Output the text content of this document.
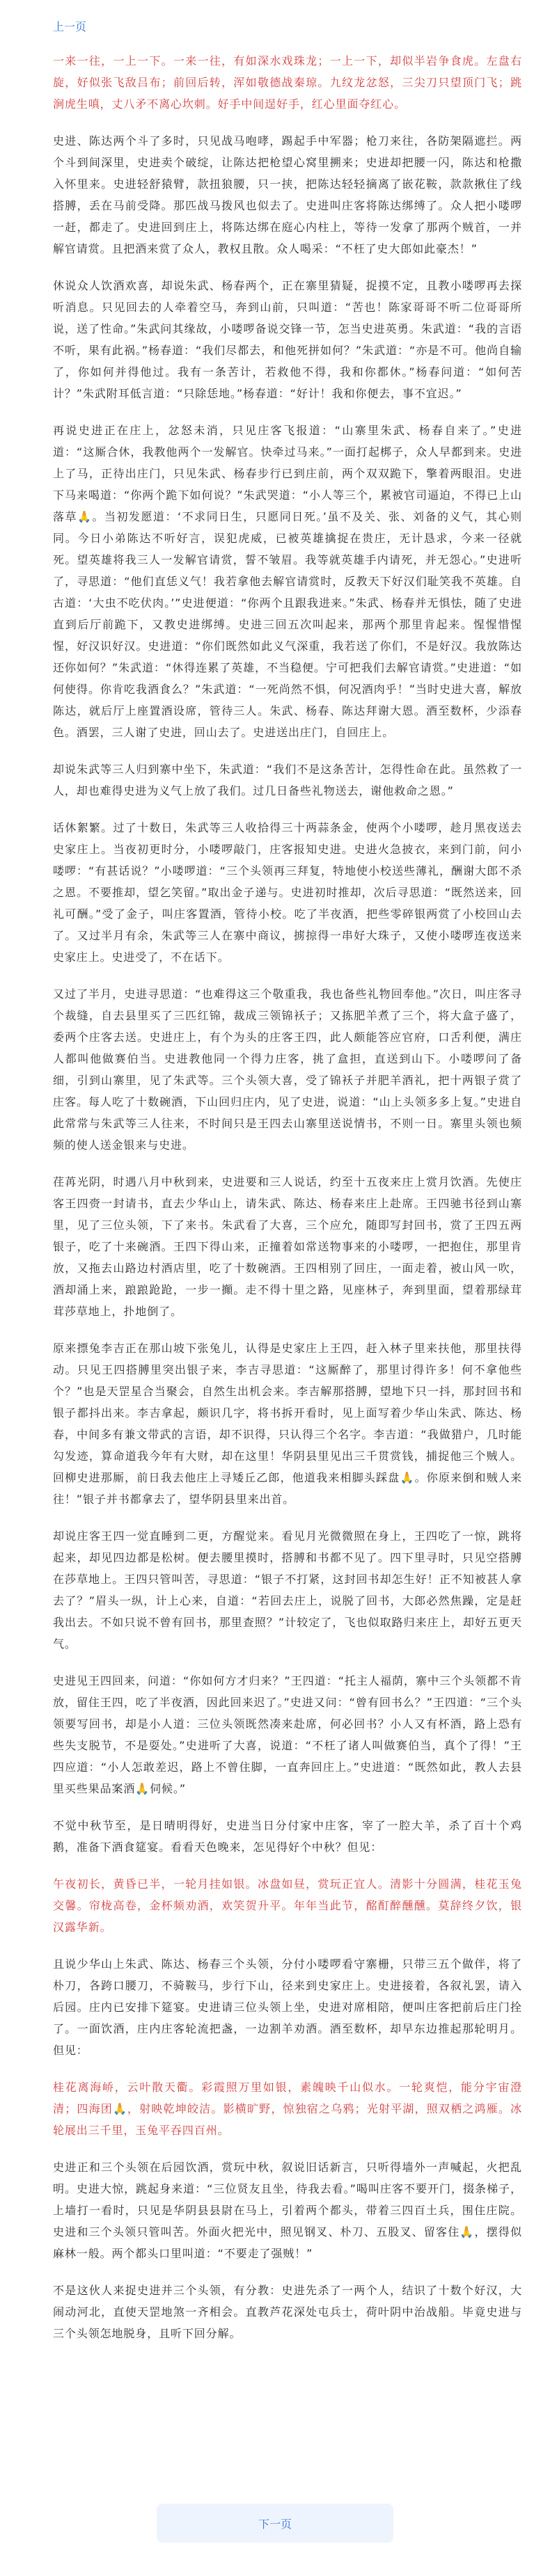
上一页

一来一往，一上一下。一来一往，有如深水戏珠龙；一上一下，却似半岩争食虎。左盘右旋，好似张飞敌吕布；前回后转，浑如敬德战秦琼。九纹龙忿怒，三尖刀只望顶门飞；跳涧虎生嗔，丈八矛不离心坎刺。好手中间逞好手，红心里面夺红心。

史进、陈达两个斗了多时，只见战马咆哮，踢起手中军器；枪刀来往，各防架隔遮拦。两个斗到间深里，史进卖个破绽，让陈达把枪望心窝里搠来；史进却把腰一闪，陈达和枪撒入怀里来。史进轻舒猿臂，款扭狼腰，只一挟，把陈达轻轻摘离了嵌花鞍，款款揪住了线搭膊，丢在马前受降。那匹战马拨风也似去了。史进叫庄客将陈达绑缚了。众人把小喽啰一赶，都走了。史进回到庄上，将陈达绑在庭心内柱上，等待一发拿了那两个贼首，一并解官请赏。且把酒来赏了众人，教权且散。众人喝采：“不枉了史大郎如此豪杰！”

休说众人饮酒欢喜，却说朱武、杨春两个，正在寨里猜疑，捉摸不定，且教小喽啰再去探听消息。只见回去的人牵着空马，奔到山前，只叫道：“苦也！陈家哥哥不听二位哥哥所说，送了性命。”朱武问其缘故，小喽啰备说交锋一节，怎当史进英勇。朱武道：“我的言语不听，果有此祸。”杨春道：“我们尽都去，和他死拼如何？”朱武道：“亦是不可。他尚自输了，你如何并得他过。我有一条苦计，若救他不得，我和你都休。”杨春问道：“如何苦计？”朱武附耳低言道：“只除恁地。”杨春道：“好计！我和你便去，事不宜迟。”

再说史进正在庄上，忿怒未消，只见庄客飞报道：“山寨里朱武、杨春自来了。”史进道：“这厮合休，我教他两个一发解官。快牵过马来。”一面打起梆子，众人早都到来。史进上了马，正待出庄门，只见朱武、杨春步行已到庄前，两个双双跪下，擎着两眼泪。史进下马来喝道：“你两个跪下如何说？”朱武哭道：“小人等三个，累被官司逼迫，不得已上山落草🙏。当初发愿道：‘不求同日生，只愿同日死。’虽不及关、张、刘备的义气，其心则同。今日小弟陈达不听好言，误犯虎威，已被英雄擒捉在贵庄，无计恳求，今来一径就死。望英雄将我三人一发解官请赏，誓不皱眉。我等就英雄手内请死，并无怨心。”史进听了，寻思道：“他们直恁义气！我若拿他去解官请赏时，反教天下好汉们耻笑我不英雄。自古道：‘大虫不吃伏肉。’”史进便道：“你两个且跟我进来。”朱武、杨春并无惧怯，随了史进直到后厅前跪下，又教史进绑缚。史进三回五次叫起来，那两个那里肯起来。惺惺惜惺惺，好汉识好汉。史进道：“你们既然如此义气深重，我若送了你们，不是好汉。我放陈达还你如何？”朱武道：“休得连累了英雄，不当稳便。宁可把我们去解官请赏。”史进道：“如何使得。你肯吃我酒食么？”朱武道：“一死尚然不惧，何况酒肉乎！”当时史进大喜，解放陈达，就后厅上座置酒设席，管待三人。朱武、杨春、陈达拜谢大恩。酒至数杯，少添春色。酒罢，三人谢了史进，回山去了。史进送出庄门，自回庄上。

却说朱武等三人归到寨中坐下，朱武道：“我们不是这条苦计，怎得性命在此。虽然救了一人，却也难得史进为义气上放了我们。过几日备些礼物送去，谢他救命之恩。”

话休絮繁。过了十数日，朱武等三人收拾得三十两蒜条金，使两个小喽啰，趁月黑夜送去史家庄上。当夜初更时分，小喽啰敲门，庄客报知史进。史进火急披衣，来到门前，问小喽啰：“有甚话说？”小喽啰道：“三个头领再三拜复，特地使小校送些薄礼，酬谢大郎不杀之恩。不要推却，望乞笑留。”取出金子递与。史进初时推却，次后寻思道：“既然送来，回礼可酬。”受了金子，叫庄客置酒，管待小校。吃了半夜酒，把些零碎银两赏了小校回山去了。又过半月有余，朱武等三人在寨中商议，掳掠得一串好大珠子，又使小喽啰连夜送来史家庄上。史进受了，不在话下。

又过了半月，史进寻思道：“也难得这三个敬重我，我也备些礼物回奉他。”次日，叫庄客寻个裁缝，自去县里买了三匹红锦，裁成三领锦袄子；又拣肥羊煮了三个，将大盒子盛了，委两个庄客去送。史进庄上，有个为头的庄客王四，此人颇能答应官府，口舌利便，满庄人都叫他做赛伯当。史进教他同一个得力庄客，挑了盒担，直送到山下。小喽啰问了备细，引到山寨里，见了朱武等。三个头领大喜，受了锦袄子并肥羊酒礼，把十两银子赏了庄客。每人吃了十数碗酒，下山回归庄内，见了史进，说道：“山上头领多多上复。”史进自此常常与朱武等三人往来，不时间只是王四去山寨里送说情书，不则一日。寨里头领也频频的使人送金银来与史进。

荏苒光阴，时遇八月中秋到来，史进要和三人说话，约至十五夜来庄上赏月饮酒。先使庄客王四赍一封请书，直去少华山上，请朱武、陈达、杨春来庄上赴席。王四驰书径到山寨里，见了三位头领，下了来书。朱武看了大喜，三个应允，随即写封回书，赏了王四五两银子，吃了十来碗酒。王四下得山来，正撞着如常送物事来的小喽啰，一把抱住，那里肯放，又拖去山路边村酒店里，吃了十数碗酒。王四相别了回庄，一面走着，被山风一吹，酒却涌上来，踉踉跄跄，一步一攧。走不得十里之路，见座林子，奔到里面，望着那绿茸茸莎草地上，扑地倒了。

原来摽兔李吉正在那山坡下张兔儿，认得是史家庄上王四，赶入林子里来扶他，那里扶得动。只见王四搭膊里突出银子来，李吉寻思道：“这厮醉了，那里讨得许多！何不拿他些个？”也是天罡星合当聚会，自然生出机会来。李吉解那搭膊，望地下只一抖，那封回书和银子都抖出来。李吉拿起，颇识几字，将书拆开看时，见上面写着少华山朱武、陈达、杨春，中间多有兼文带武的言语，却不识得，只认得三个名字。李吉道：“我做猎户，几时能勾发迹，算命道我今年有大财，却在这里！华阴县里见出三千贯赏钱，捕捉他三个贼人。回柳史进那厮，前日我去他庄上寻矮丘乙郎，他道我来相脚头踩盘🙏。你原来倒和贼人来往！”银子并书都拿去了，望华阴县里来出首。

却说庄客王四一觉直睡到二更，方醒觉来。看见月光微微照在身上，王四吃了一惊，跳将起来，却见四边都是松树。便去腰里摸时，搭膊和书都不见了。四下里寻时，只见空搭膊在莎草地上。王四只管叫苦，寻思道：“银子不打紧，这封回书却怎生好！正不知被甚人拿去了？”眉头一纵，计上心来，自道：“若回去庄上，说脱了回书，大郎必然焦躁，定是赶我出去。不如只说不曾有回书，那里查照？”计较定了，飞也似取路归来庄上，却好五更天气。

史进见王四回来，问道：“你如何方才归来？”王四道：“托主人福荫，寨中三个头领都不肯放，留住王四，吃了半夜酒，因此回来迟了。”史进又问：“曾有回书么？”王四道：“三个头领要写回书，却是小人道：三位头领既然凑来赴席，何必回书？小人又有杯酒，路上恐有些失支脱节，不是耍处。”史进听了大喜，说道：“不枉了诸人叫做赛伯当，真个了得！”王四应道：“小人怎敢差迟，路上不曾住脚，一直奔回庄上。”史进道：“既然如此，教人去县里买些果品案酒🙏伺候。”

不觉中秋节至，是日晴明得好，史进当日分付家中庄客，宰了一腔大羊，杀了百十个鸡鹅，准备下酒食筵宴。看看天色晚来，怎见得好个中秋？但见：

午夜初长，黄昏已半，一轮月挂如银。冰盘如昼，赏玩正宜人。清影十分圆满，桂花玉兔交馨。帘栊高卷，金杯频劝酒，欢笑贺升平。年年当此节，酩酊醉醺醺。莫辞终夕饮，银汉露华新。

且说少华山上朱武、陈达、杨春三个头领，分付小喽啰看守寨栅，只带三五个做伴，将了朴刀，各跨口腰刀，不骑鞍马，步行下山，径来到史家庄上。史进接着，各叙礼罢，请入后园。庄内已安排下筵宴。史进请三位头领上坐，史进对席相陪，便叫庄客把前后庄门拴了。一面饮酒，庄内庄客轮流把盏，一边割羊劝酒。酒至数杯，却早东边推起那轮明月。但见：

桂花离海峤，云叶散天衢。彩霞照万里如银，素魄映千山似水。一轮爽恺，能分宇宙澄清；四海团🙏，射映乾坤皎洁。影横旷野，惊独宿之乌鸦；光射平湖，照双栖之鸿雁。冰轮展出三千里，玉兔平吞四百州。

史进正和三个头领在后园饮酒，赏玩中秋，叙说旧话新言，只听得墙外一声喊起，火把乱明。史进大惊，跳起身来道：“三位贤友且坐，待我去看。”喝叫庄客不要开门，掇条梯子，上墙打一看时，只见是华阴县县尉在马上，引着两个都头，带着三四百土兵，围住庄院。史进和三个头领只管叫苦。外面火把光中，照见钢叉、朴刀、五股叉、留客住🙏，摆得似麻林一般。两个都头口里叫道：“不要走了强贼！”

不是这伙人来捉史进并三个头领，有分教：史进先杀了一两个人，结识了十数个好汉，大闹动河北，直使天罡地煞一齐相会。直教芦花深处屯兵士，荷叶阴中治战船。毕竟史进与三个头领怎地脱身，且听下回分解。

下一页
